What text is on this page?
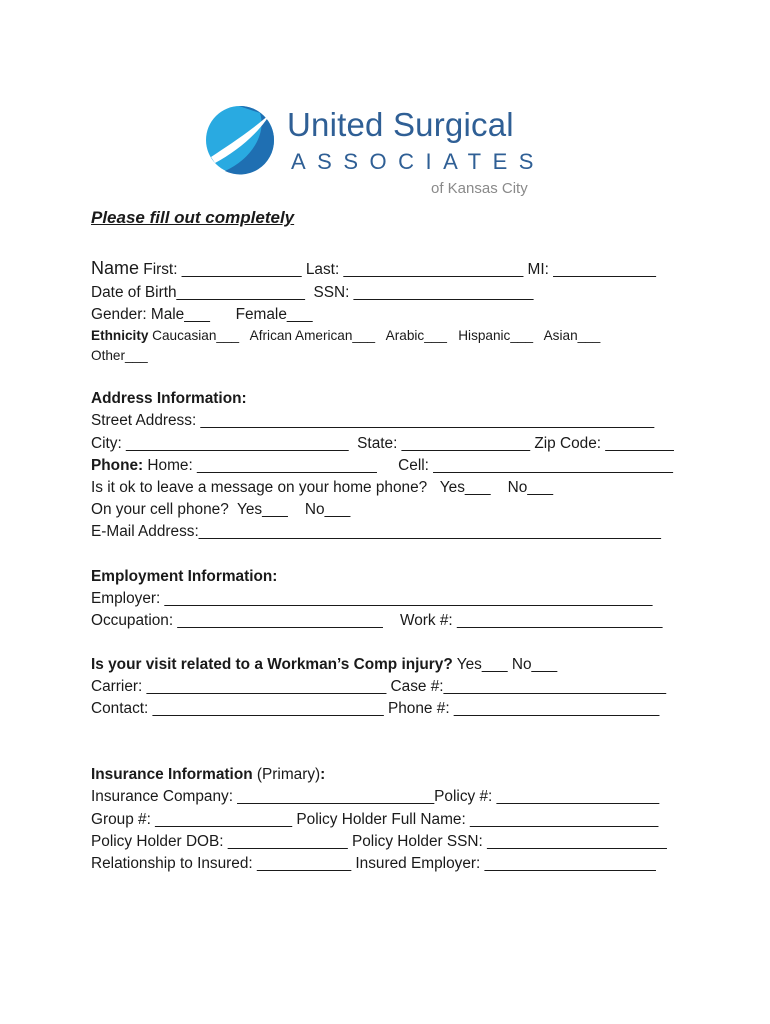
United Surgical
ASSOCIATES
of Kansas City
Please fill out completely
Name First: ______________ Last: _____________________ MI: ____________
Date of Birth_______________  SSN: _____________________
Gender: Male___      Female___
Ethnicity Caucasian___   African American___   Arabic___   Hispanic___   Asian___
Other___
Address Information:
Street Address: _____________________________________________________
City: __________________________  State: _______________ Zip Code: ________
Phone: Home: _____________________     Cell: ____________________________
Is it ok to leave a message on your home phone?   Yes___    No___
On your cell phone?  Yes___    No___
E-Mail Address:______________________________________________________
Employment Information:
Employer: _________________________________________________________
Occupation: ________________________    Work #: ________________________
Is your visit related to a Workman’s Comp injury? Yes___ No___
Carrier: ____________________________ Case #:__________________________
Contact: ___________________________ Phone #: ________________________
Insurance Information (Primary):
Insurance Company: _______________________Policy #: ___________________
Group #: ________________ Policy Holder Full Name: ______________________
Policy Holder DOB: ______________ Policy Holder SSN: _____________________
Relationship to Insured: ___________ Insured Employer: ____________________
